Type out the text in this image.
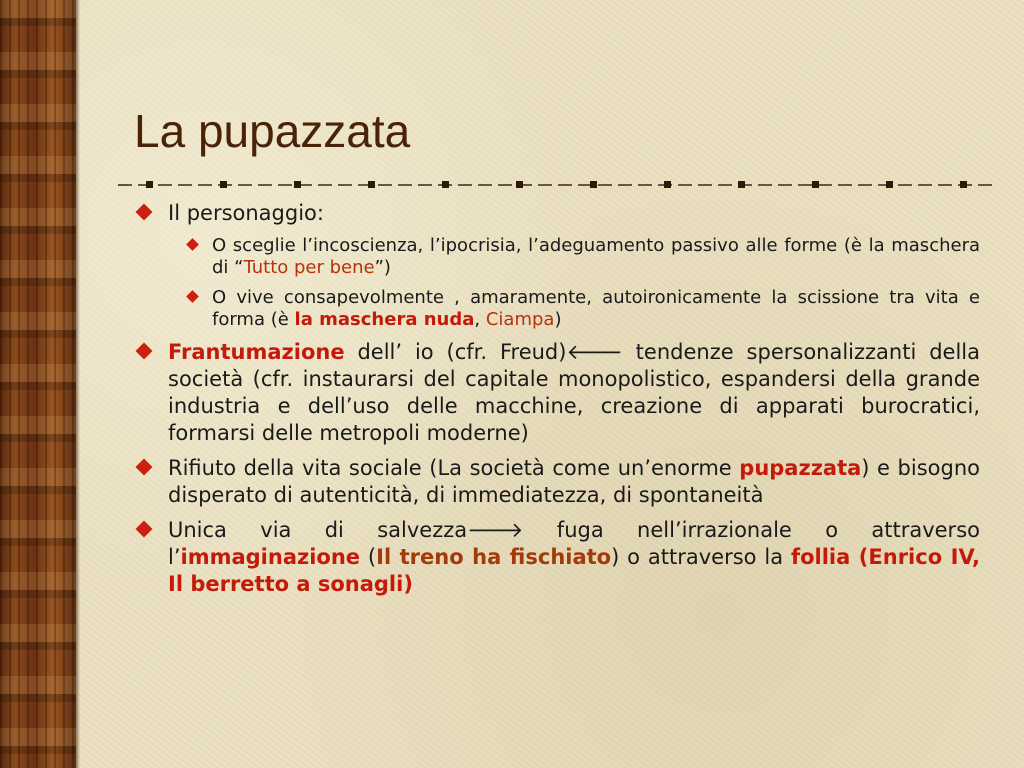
La pupazzata
Il personaggio:
O sceglie l’incoscienza, l’ipocrisia, l’adeguamento passivo alle forme (è la maschera di “Tutto per bene”)
O vive consapevolmente , amaramente, autoironicamente la scissione tra vita e forma (è la maschera nuda, Ciampa)
Frantumazione dell’ io (cfr. Freud)🡐 tendenze spersonalizzanti della società (cfr. instaurarsi del capitale monopolistico, espandersi della grande industria e dell’uso delle macchine, creazione di apparati burocratici, formarsi delle metropoli moderne)
Rifiuto della vita sociale (La società come un’enorme pupazzata) e bisogno disperato di autenticità, di immediatezza, di spontaneità
Unica via di salvezza🡒 fuga nell’irrazionale o attraverso l’immaginazione (Il treno ha fischiato) o attraverso la follia (Enrico IV, Il berretto a sonagli)
